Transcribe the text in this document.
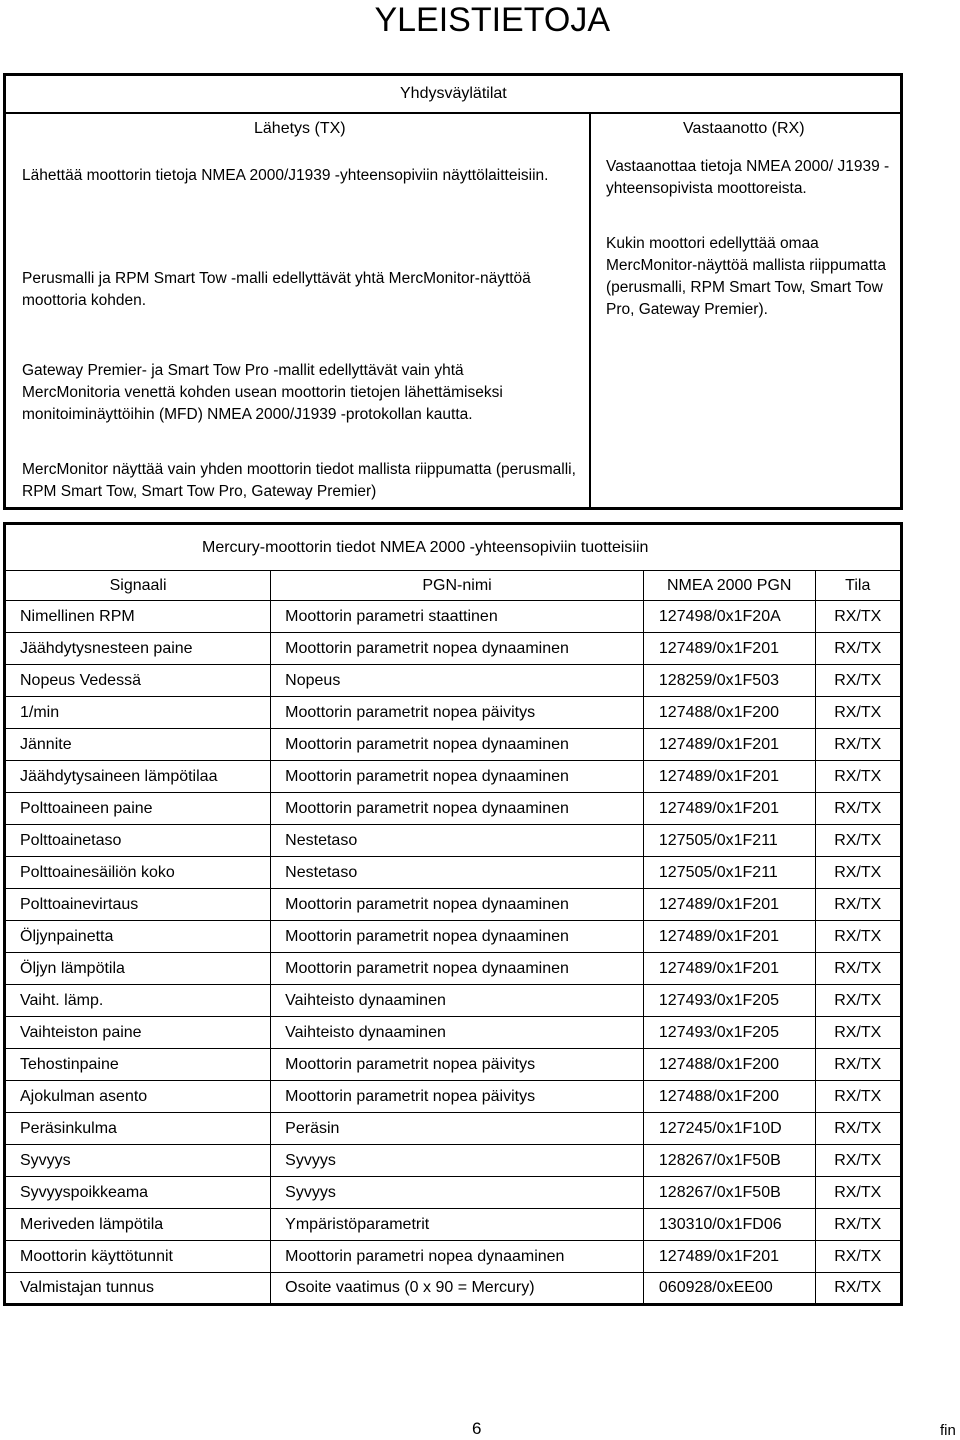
YLEISTIETOJA
Yhdysväylätilat
Lähetys (TX)	Vastaanotto (RX)

Lähettää moottorin tietoja NMEA 2000/J1939 -yhteensopiviin näyttölaitteisiin.

Perusmalli ja RPM Smart Tow -malli edellyttävät yhtä MercMonitor-näyttöä moottoria kohden.

Gateway Premier- ja Smart Tow Pro -mallit edellyttävät vain yhtä MercMonitoria venettä kohden usean moottorin tietojen lähettämiseksi monitoiminäyttöihin (MFD) NMEA 2000/J1939 -protokollan kautta.

MercMonitor näyttää vain yhden moottorin tiedot mallista riippumatta (perusmalli, RPM Smart Tow, Smart Tow Pro, Gateway Premier)

Vastaanottaa tietoja NMEA 2000/ J1939 -yhteensopivista moottoreista.

Kukin moottori edellyttää omaa MercMonitor-näyttöä mallista riippumatta (perusmalli, RPM Smart Tow, Smart Tow Pro, Gateway Premier).

Mercury-moottorin tiedot NMEA 2000 -yhteensopiviin tuotteisiin			
Signaali	PGN-nimi	NMEA 2000 PGN	Tila
Nimellinen RPM	Moottorin parametri staattinen	127498/0x1F20A	RX/TX
Jäähdytysnesteen paine	Moottorin parametrit nopea dynaaminen	127489/0x1F201	RX/TX
Nopeus Vedessä	Nopeus	128259/0x1F503	RX/TX
1/min	Moottorin parametrit nopea päivitys	127488/0x1F200	RX/TX
Jännite	Moottorin parametrit nopea dynaaminen	127489/0x1F201	RX/TX
Jäähdytysaineen lämpötilaa	Moottorin parametrit nopea dynaaminen	127489/0x1F201	RX/TX
Polttoaineen paine	Moottorin parametrit nopea dynaaminen	127489/0x1F201	RX/TX
Polttoainetaso	Nestetaso	127505/0x1F211	RX/TX
Polttoainesäiliön koko	Nestetaso	127505/0x1F211	RX/TX
Polttoainevirtaus	Moottorin parametrit nopea dynaaminen	127489/0x1F201	RX/TX
Öljynpainetta	Moottorin parametrit nopea dynaaminen	127489/0x1F201	RX/TX
Öljyn lämpötila	Moottorin parametrit nopea dynaaminen	127489/0x1F201	RX/TX
Vaiht. lämp.	Vaihteisto dynaaminen	127493/0x1F205	RX/TX
Vaihteiston paine	Vaihteisto dynaaminen	127493/0x1F205	RX/TX
Tehostinpaine	Moottorin parametrit nopea päivitys	127488/0x1F200	RX/TX
Ajokulman asento	Moottorin parametrit nopea päivitys	127488/0x1F200	RX/TX
Peräsinkulma	Peräsin	127245/0x1F10D	RX/TX
Syvyys	Syvyys	128267/0x1F50B	RX/TX
Syvyyspoikkeama	Syvyys	128267/0x1F50B	RX/TX
Meriveden lämpötila	Ympäristöparametrit	130310/0x1FD06	RX/TX
Moottorin käyttötunnit	Moottorin parametri nopea dynaaminen	127489/0x1F201	RX/TX
Valmistajan tunnus	Osoite vaatimus (0 x 90 = Mercury)	060928/0xEE00	RX/TX
6	fin
